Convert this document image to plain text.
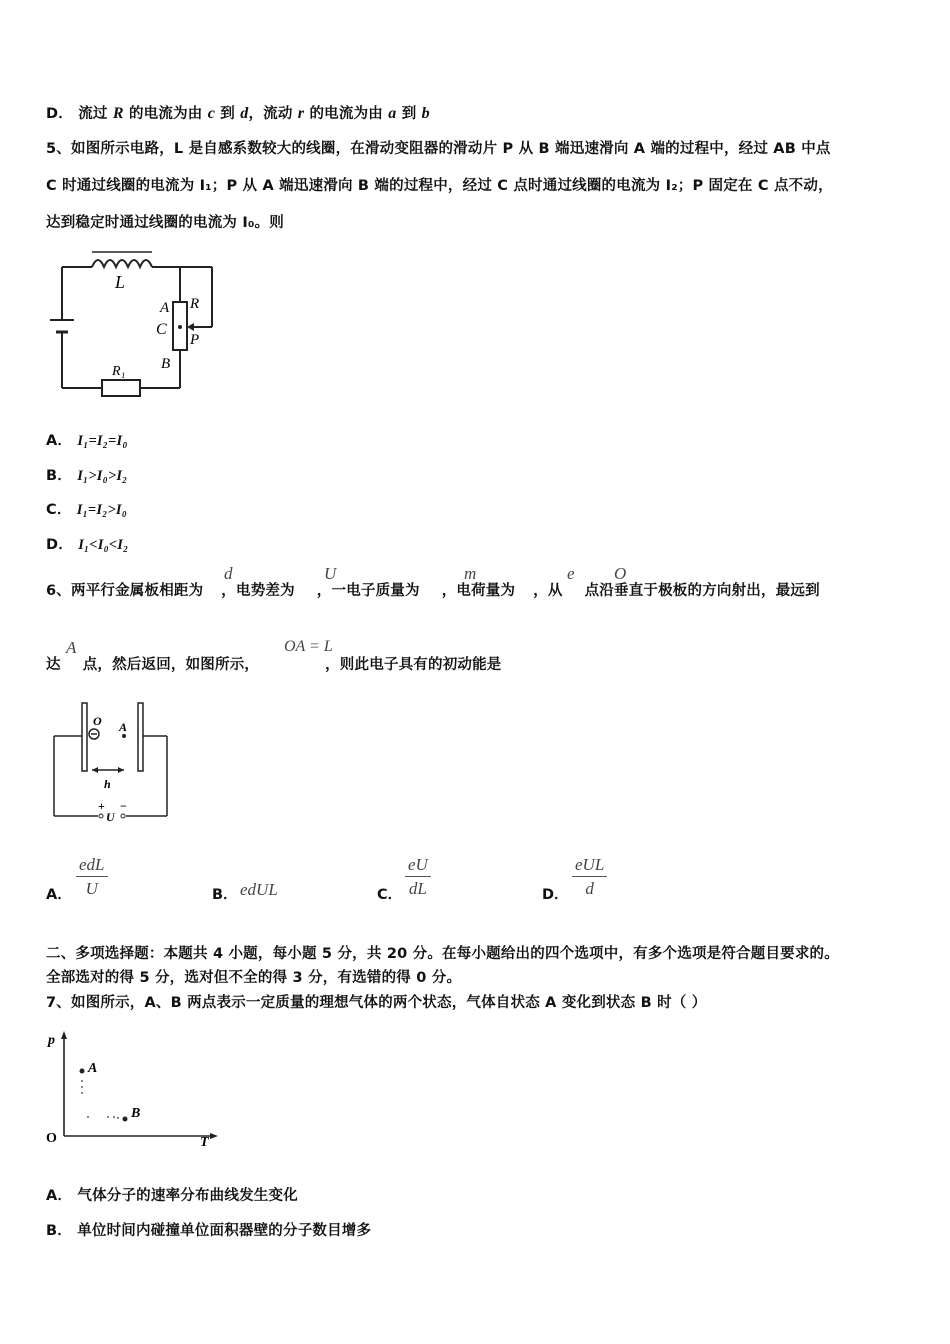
D． 流过 R 的电流为由 c 到 d，流动 r 的电流为由 a 到 b
5、如图所示电路，L 是自感系数较大的线圈，在滑动变阻器的滑动片 P 从 B 端迅速滑向 A 端的过程中，经过 AB 中点
C 时通过线圈的电流为 I₁；P 从 A 端迅速滑向 B 端的过程中，经过 C 点时通过线圈的电流为 I₂；P 固定在 C 点不动，
达到稳定时通过线圈的电流为 I₀。则
L
A R
C
P
B
R₁
A． I₁=I₂=I₀
B． I₁>I₀>I₂
C． I₁=I₂>I₀
D． I₁<I₀<I₂
6、两平行金属板相距为 ，电势差为 ，一电子质量为 ，电荷量为 ，从 点沿垂直于极板的方向射出，最远到
d	U	m	e O
达 点，然后返回，如图所示，	，则此电子具有的初动能是
A	OA = L
O A
h
+ −
U
A．
edL
U	B． edUL	C． $\frac{eU}{dL}$	D．
eUL
d
二、多项选择题：本题共 4 小题，每小题 5 分，共 20 分。在每小题给出的四个选项中，有多个选项是符合题目要求的。
全部选对的得 5 分，选对但不全的得 3 分，有选错的得 0 分。
7、如图所示，A、B 两点表示一定质量的理想气体的两个状态，气体自状态 A 变化到状态 B 时（ ）
p
A
B
O	T
A． 气体分子的速率分布曲线发生变化
B． 单位时间内碰撞单位面积器壁的分子数目增多
